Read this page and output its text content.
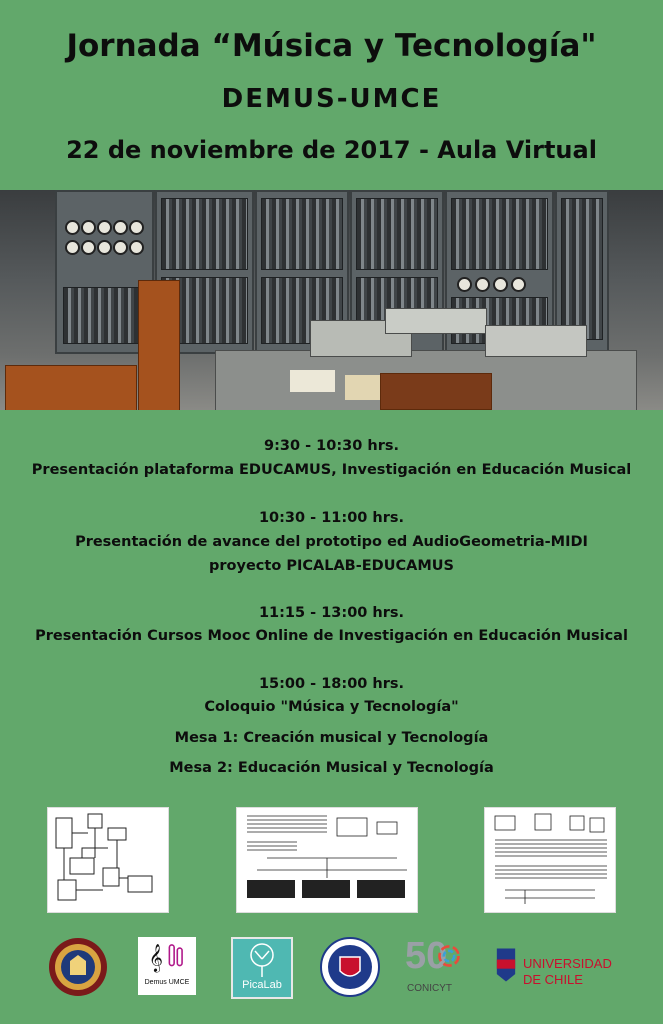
Jornada “Música y Tecnología"
DEMUS-UMCE
22 de noviembre de 2017 - Aula Virtual
9:30 - 10:30 hrs.
Presentación plataforma EDUCAMUS, Investigación en Educación Musical
10:30 - 11:00 hrs.
Presentación de avance del prototipo ed AudioGeometria-MIDI
proyecto PICALAB-EDUCAMUS
11:15 - 13:00 hrs.
Presentación Cursos Mooc Online de Investigación en Educación Musical
15:00 - 18:00 hrs.
Coloquio "Música y Tecnología"
Mesa 1: Creación musical y Tecnología
Mesa 2: Educación Musical y Tecnología
𝄞
Demus UMCE	PicaLab
50
CONICYT
UNIVERSIDAD
DE CHILE
